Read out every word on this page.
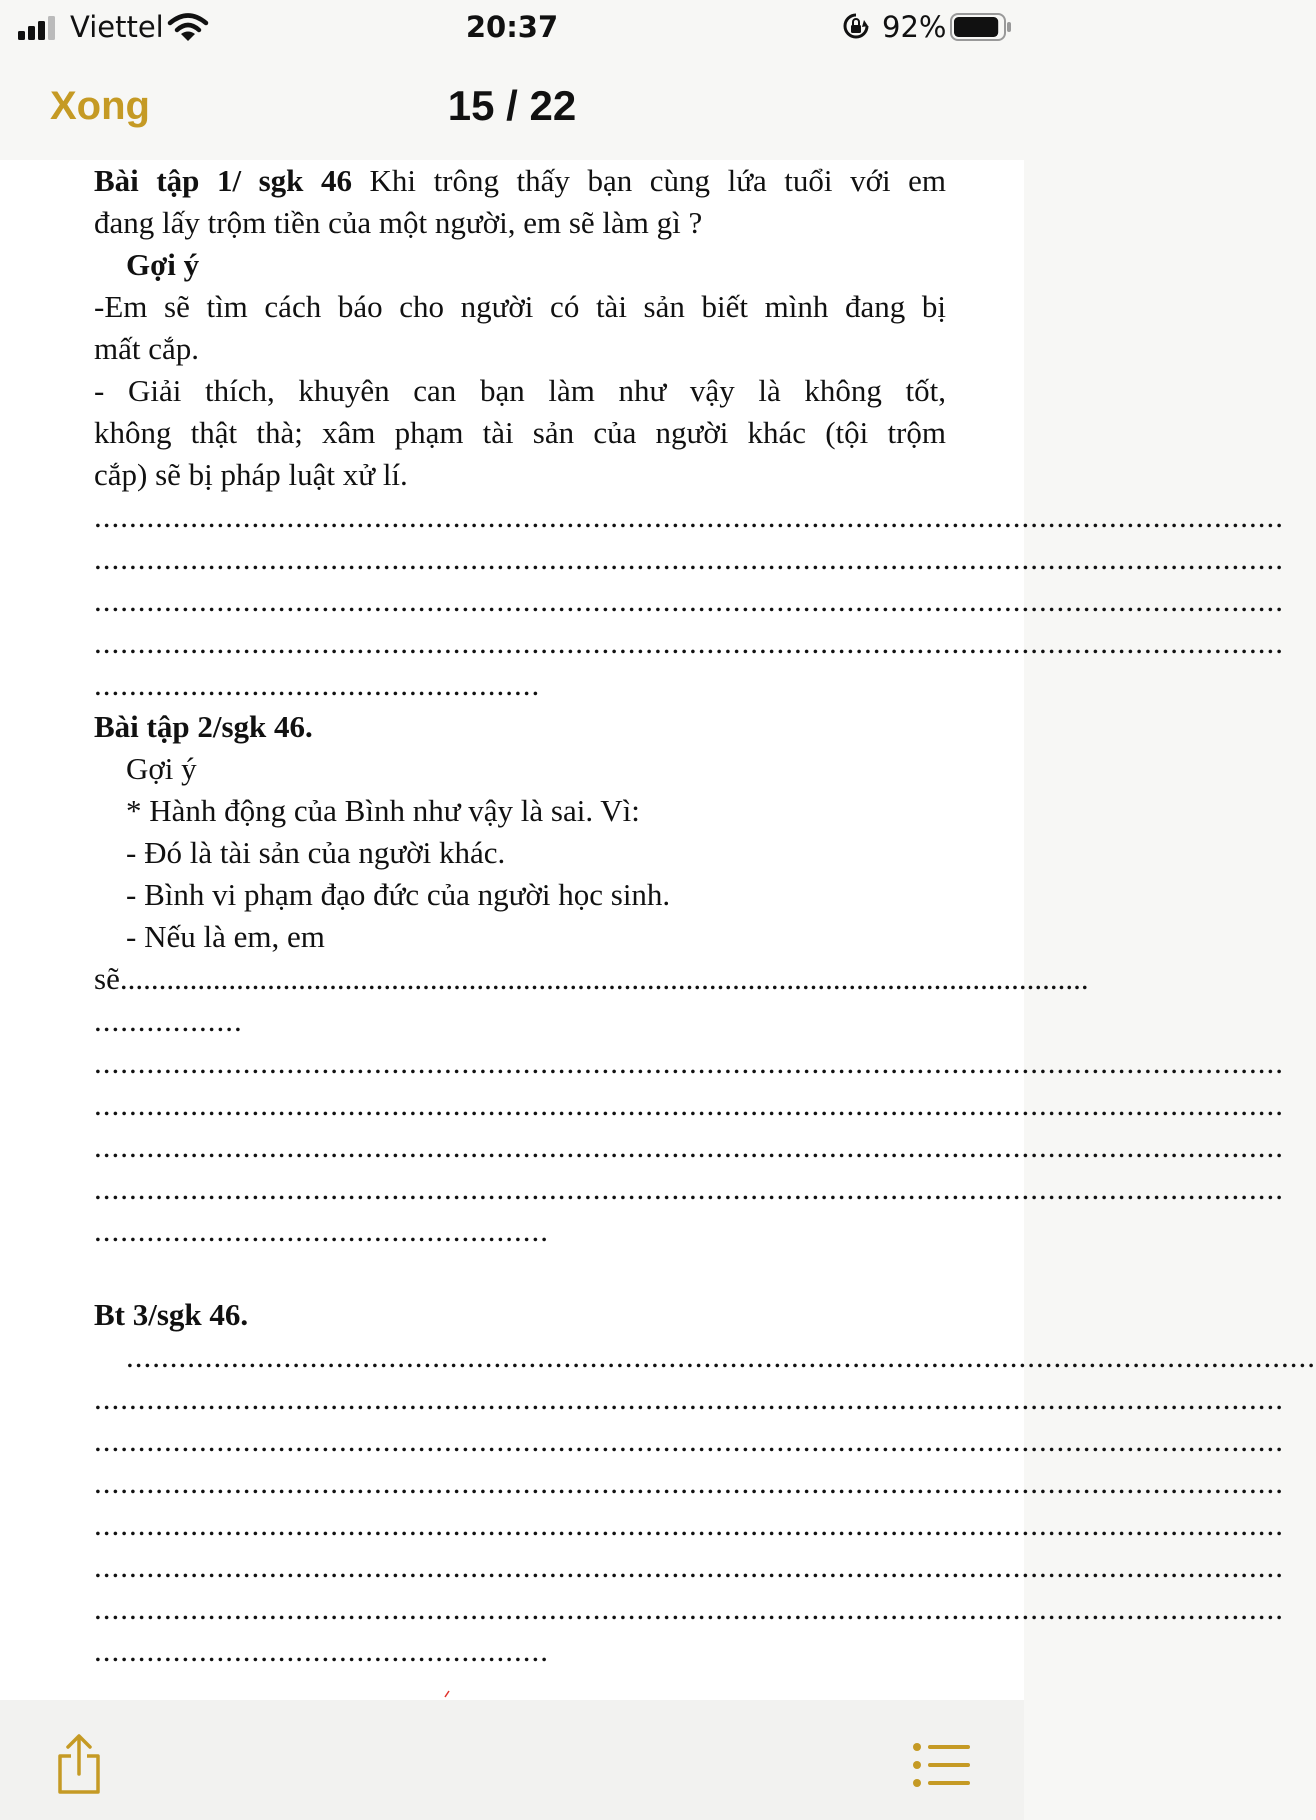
Viettel	20:37	92%
Xong	15 / 22
Bài tập 1/ sgk 46 Khi trông thấy bạn cùng lứa tuổi với em
đang lấy trộm tiền của một người, em sẽ làm gì ?
Gợi ý
-Em sẽ tìm cách báo cho người có tài sản biết mình đang bị
mất cắp.
- Giải thích, khuyên can bạn làm như vậy là không tốt,
không thật thà; xâm phạm tài sản của người khác (tội trộm
cắp) sẽ bị pháp luật xử lí.
........................................................................................................................................
........................................................................................................................................
........................................................................................................................................
........................................................................................................................................
...................................................
Bài tập 2/sgk 46.
Gợi ý
* Hành động của Bình như vậy là sai. Vì:
- Đó là tài sản của người khác.
- Bình vi phạm đạo đức của người học sinh.
- Nếu là em, em
sẽ.............................................................................................................................
.................
........................................................................................................................................
........................................................................................................................................
........................................................................................................................................
........................................................................................................................................
....................................................
Bt 3/sgk 46.
........................................................................................................................................
........................................................................................................................................
........................................................................................................................................
........................................................................................................................................
........................................................................................................................................
........................................................................................................................................
........................................................................................................................................
....................................................
